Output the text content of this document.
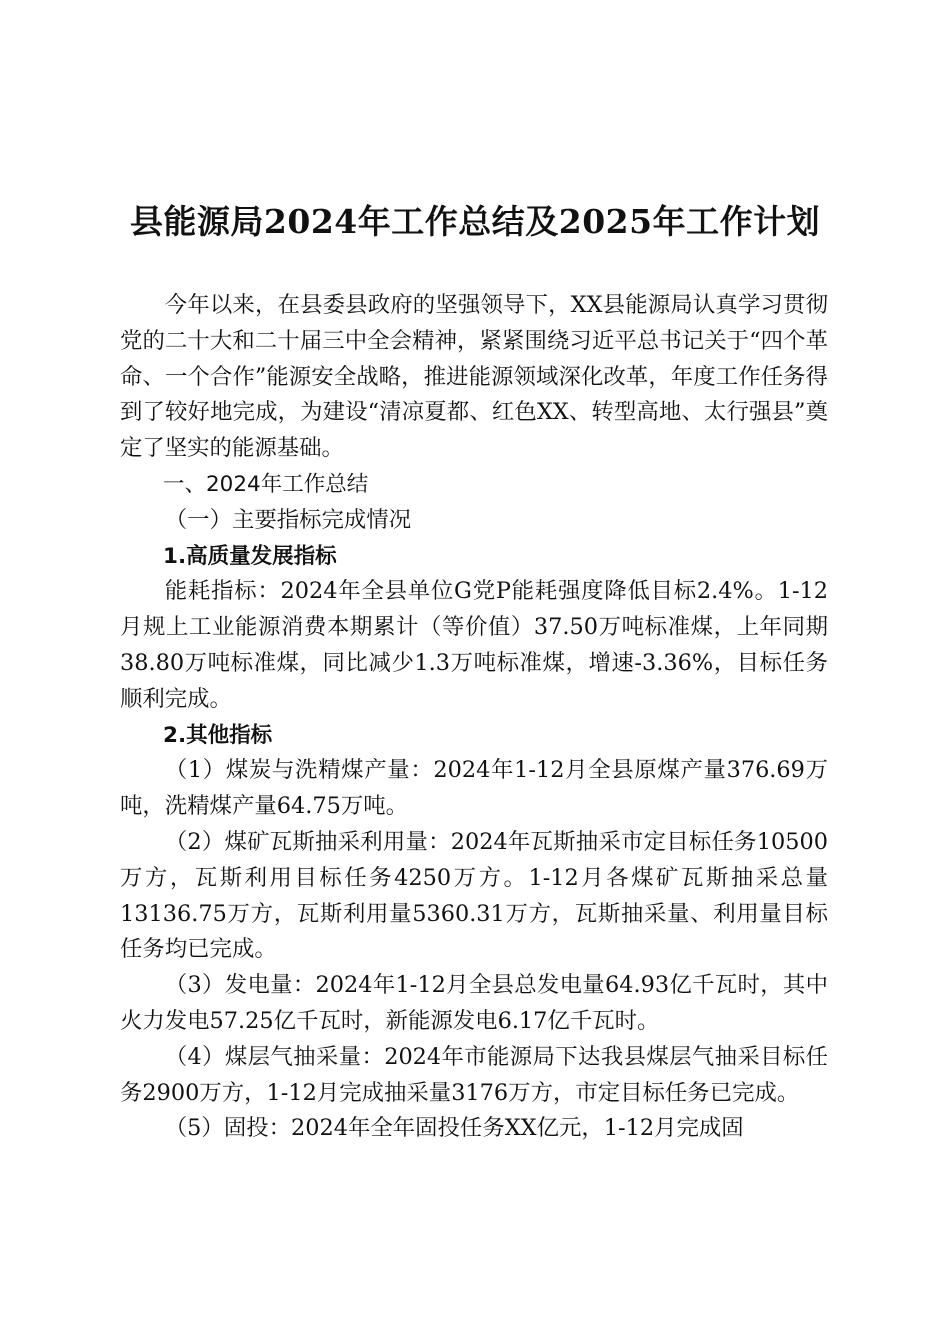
县能源局2024年工作总结及2025年工作计划

今年以来，在县委县政府的坚强领导下，XX县能源局认真学习贯彻党的二十大和二十届三中全会精神，紧紧围绕习近平总书记关于“四个革命、一个合作”能源安全战略，推进能源领域深化改革，年度工作任务得到了较好地完成，为建设“清凉夏都、红色XX、转型高地、太行强县”奠定了坚实的能源基础。

一、2024年工作总结

（一）主要指标完成情况

1.高质量发展指标

能耗指标：2024年全县单位G党P能耗强度降低目标2.4%。1-12月规上工业能源消费本期累计（等价值）37.50万吨标准煤，上年同期38.80万吨标准煤，同比减少1.3万吨标准煤，增速-3.36%，目标任务顺利完成。

2.其他指标

（1）煤炭与洗精煤产量：2024年1-12月全县原煤产量376.69万吨，洗精煤产量64.75万吨。

（2）煤矿瓦斯抽采利用量：2024年瓦斯抽采市定目标任务10500万方，瓦斯利用目标任务4250万方。1-12月各煤矿瓦斯抽采总量13136.75万方，瓦斯利用量5360.31万方，瓦斯抽采量、利用量目标任务均已完成。

（3）发电量：2024年1-12月全县总发电量64.93亿千瓦时，其中火力发电57.25亿千瓦时，新能源发电6.17亿千瓦时。

（4）煤层气抽采量：2024年市能源局下达我县煤层气抽采目标任务2900万方，1-12月完成抽采量3176万方，市定目标任务已完成。

（5）固投：2024年全年固投任务XX亿元，1-12月完成固
